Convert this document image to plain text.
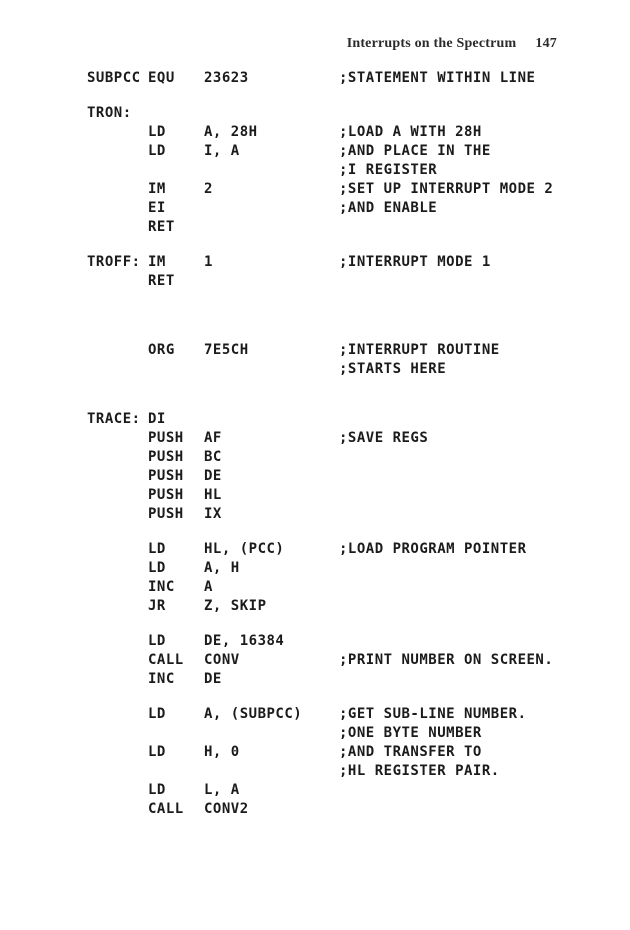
Interrupts on the Spectrum 147
SUBPCC EQU 23623	;STATEMENT WITHIN LINE
TRON:
LD	A, 28H	;LOAD A WITH 28H
LD	I, A	;AND PLACE IN THE
;I REGISTER
IM	2	;SET UP INTERRUPT MODE 2
EI	;AND ENABLE
RET
TROFF: IM	1	;INTERRUPT MODE 1
RET
ORG 7E5CH	;INTERRUPT ROUTINE
;STARTS HERE
TRACE: DI
PUSH AF	;SAVE REGS
PUSH BC
PUSH DE
PUSH HL
PUSH IX
LD	HL, (PCC)	;LOAD PROGRAM POINTER
LD	A, H
INC A
JR	Z, SKIP
LD	DE, 16384
CALL CONV	;PRINT NUMBER ON SCREEN.
INC DE
LD	A, (SUBPCC)	;GET SUB-LINE NUMBER.
;ONE BYTE NUMBER
LD	H, 0	;AND TRANSFER TO
;HL REGISTER PAIR.
LD	L, A
CALL CONV2
